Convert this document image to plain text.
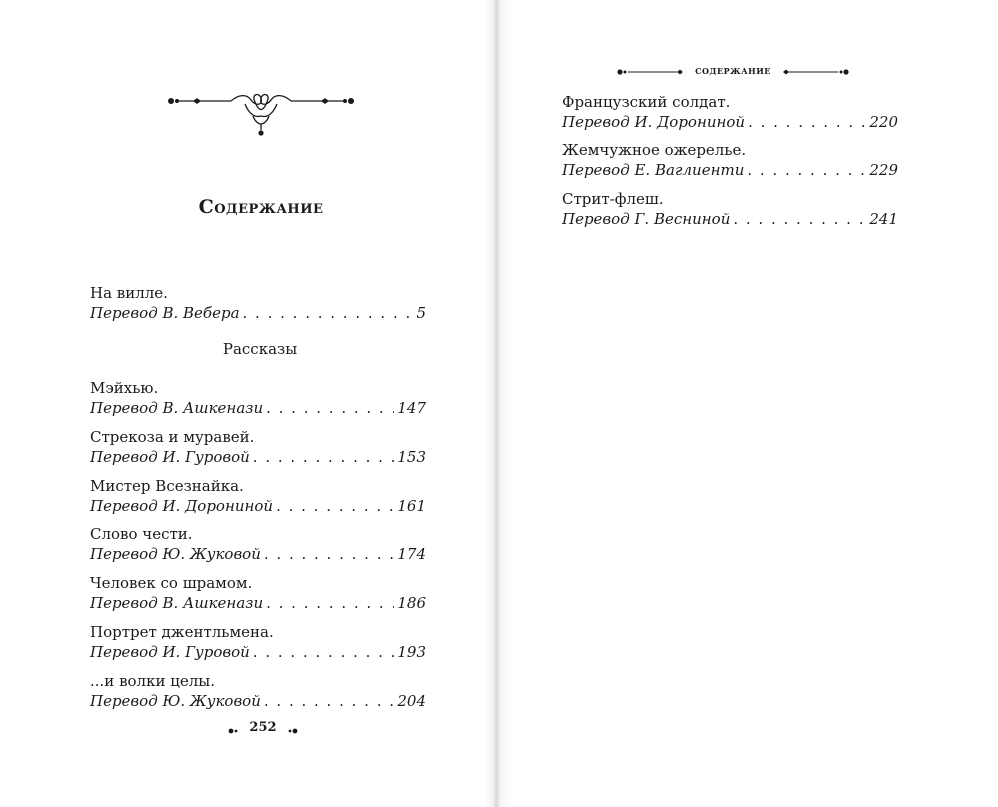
Содержание
На вилле.
Перевод В. Вебера . . .	5
Рассказы
Мэйхью.
Перевод В. Ашкенази . . .	147
Стрекоза и муравей.
Перевод И. Гуровой . . .	153
Мистер Всезнайка.
Перевод И. Дорониной . . .	161
Слово чести.
Перевод Ю. Жуковой . . .	174
Человек со шрамом.
Перевод В. Ашкенази . . .	186
Портрет джентльмена.
Перевод И. Гуровой . . .	193
...и волки целы.
Перевод Ю. Жуковой . . .	204
252
содержание
Французский солдат.
Перевод И. Дорониной . . .	220
Жемчужное ожерелье.
Перевод Е. Ваглиенти . . .	229
Стрит-флеш.
Перевод Г. Весниной . . .	241
